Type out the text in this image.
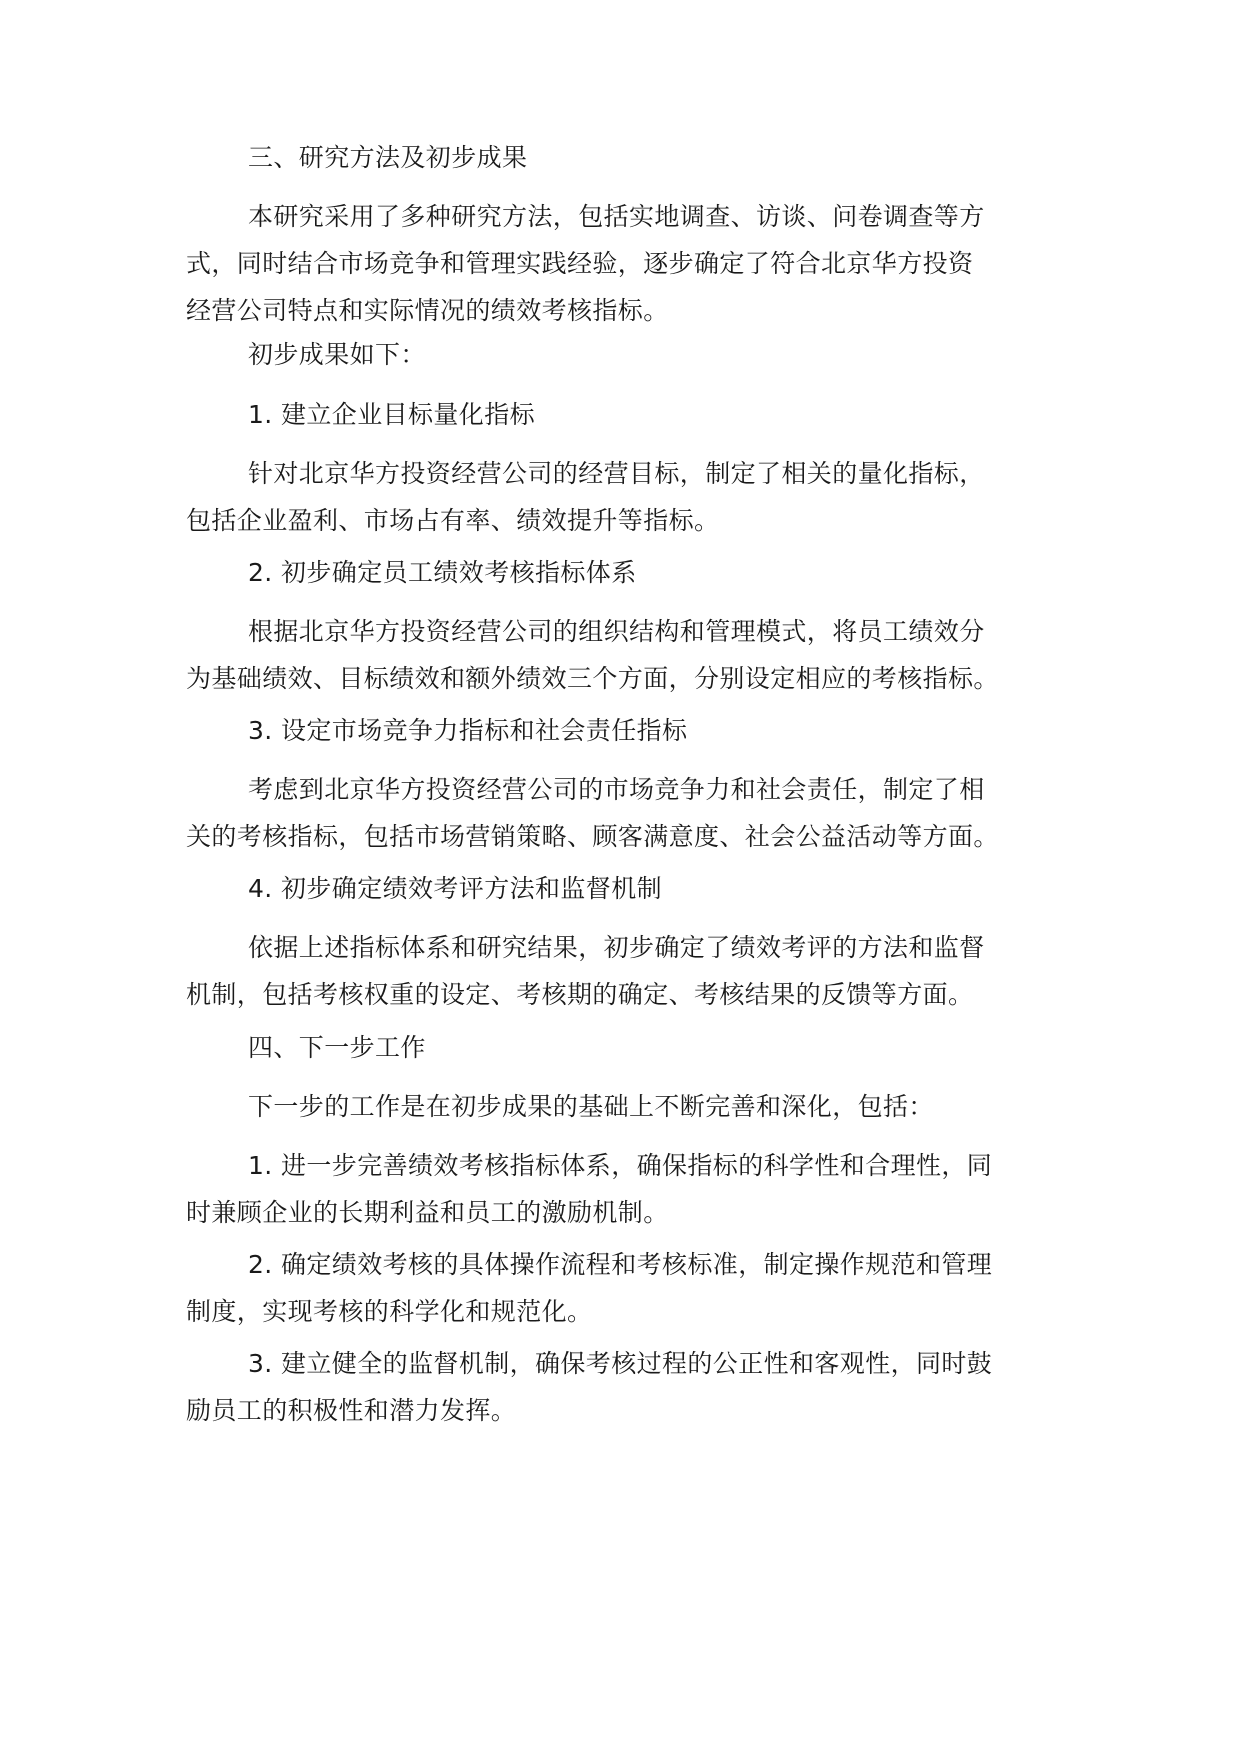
三、研究方法及初步成果

本研究采用了多种研究方法，包括实地调查、访谈、问卷调查等方
式，同时结合市场竞争和管理实践经验，逐步确定了符合北京华方投资
经营公司特点和实际情况的绩效考核指标。

初步成果如下：

1. 建立企业目标量化指标

针对北京华方投资经营公司的经营目标，制定了相关的量化指标，
包括企业盈利、市场占有率、绩效提升等指标。

2. 初步确定员工绩效考核指标体系

根据北京华方投资经营公司的组织结构和管理模式，将员工绩效分
为基础绩效、目标绩效和额外绩效三个方面，分别设定相应的考核指标。

3. 设定市场竞争力指标和社会责任指标

考虑到北京华方投资经营公司的市场竞争力和社会责任，制定了相
关的考核指标，包括市场营销策略、顾客满意度、社会公益活动等方面。

4. 初步确定绩效考评方法和监督机制

依据上述指标体系和研究结果，初步确定了绩效考评的方法和监督
机制，包括考核权重的设定、考核期的确定、考核结果的反馈等方面。

四、下一步工作

下一步的工作是在初步成果的基础上不断完善和深化，包括：

1. 进一步完善绩效考核指标体系，确保指标的科学性和合理性，同
时兼顾企业的长期利益和员工的激励机制。

2. 确定绩效考核的具体操作流程和考核标准，制定操作规范和管理
制度，实现考核的科学化和规范化。

3. 建立健全的监督机制，确保考核过程的公正性和客观性，同时鼓
励员工的积极性和潜力发挥。
